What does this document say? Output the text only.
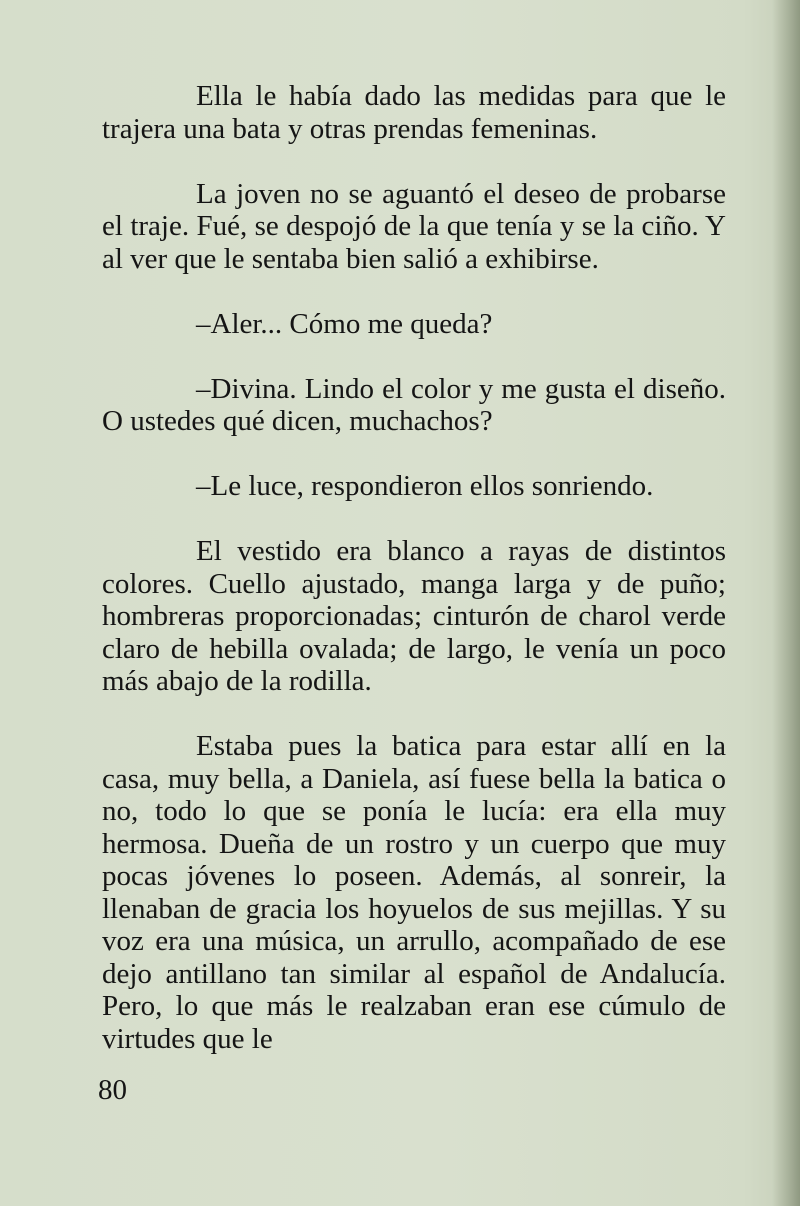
Ella le había dado las medidas para que le trajera una bata y otras prendas femeninas.

La joven no se aguantó el deseo de probarse el traje. Fué, se despojó de la que tenía y se la ciño. Y al ver que le sentaba bien salió a exhibirse.

–Aler... Cómo me queda?

–Divina. Lindo el color y me gusta el diseño. O ustedes qué dicen, muchachos?

–Le luce, respondieron ellos sonriendo.

El vestido era blanco a rayas de distintos colores. Cuello ajustado, manga larga y de puño; hombreras proporcionadas; cinturón de charol verde claro de hebilla ovalada; de largo, le venía un poco más abajo de la rodilla.

Estaba pues la batica para estar allí en la casa, muy bella, a Daniela, así fuese bella la batica o no, todo lo que se ponía le lucía: era ella muy hermosa. Dueña de un rostro y un cuerpo que muy pocas jóvenes lo poseen. Además, al sonreir, la llenaban de gracia los hoyuelos de sus mejillas. Y su voz era una música, un arrullo, acompañado de ese dejo antillano tan similar al español de Andalucía. Pero, lo que más le realzaban eran ese cúmulo de virtudes que le

80
